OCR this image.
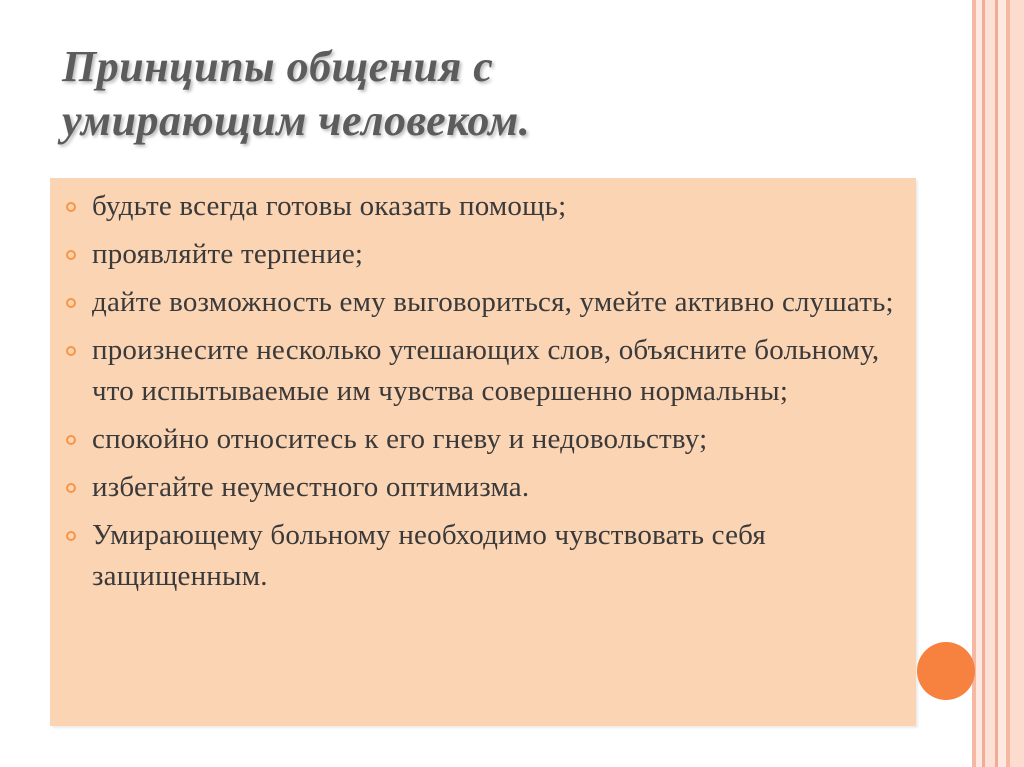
Принципы общения с
умирающим человеком.
будьте всегда готовы оказать помощь;
проявляйте терпение;
дайте возможность ему выговориться, умейте активно слушать;
произнесите несколько утешающих слов, объясните больному, что испытываемые им чувства совершенно нормальны;
спокойно относитесь к его гневу и недовольству;
избегайте неуместного оптимизма.
Умирающему больному необходимо чувствовать себя защищенным.
